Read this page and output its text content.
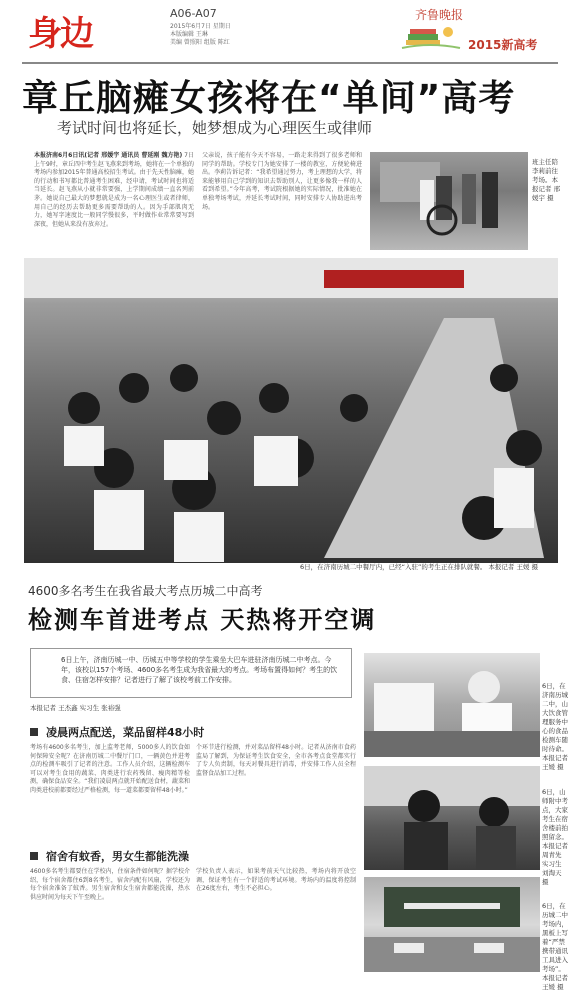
身边
A06-A07
2015年6月7日 星期日
本版编辑 王琳
美编 曾照阳 组版 陈红
齐鲁晚报
2015新高考
章丘脑瘫女孩将在“单间”高考
考试时间也将延长，她梦想成为心理医生或律师
本报济南6月6日讯(记者 邢媛宇 通讯员 曹延刚 魏方艳) 7日上午9时，章丘四中考生赵飞燕来到考场，她将在一个单独的考场内参加2015年普通高校招生考试。由于先天性脑瘫，她的行动和书写都比普通考生困难，经申请，考试时间也将适当延长。赵飞燕从小就非常要强，上学期间成绩一直名列前茅。她说自己最大的梦想就是成为一名心理医生或者律师，用自己的经历去帮助更多需要帮助的人。因为手部肌肉无力，她写字速度比一般同学慢很多，平时做作业常常要写到深夜，但她从来没有放弃过。
父亲说，孩子能有今天不容易，一路走来得到了很多老师和同学的帮助。学校专门为她安排了一楼的教室，方便轮椅进出。李莉告诉记者：“我希望通过努力，考上理想的大学，将来能够用自己学到的知识去帮助别人，让更多像我一样的人看到希望。”今年高考，考试院根据她的实际情况，批准她在单独考场考试，并延长考试时间，同时安排专人协助进出考场。
班主任陪李莉前往考场。本报记者 邢媛宇 摄
6日，在济南历城二中餐厅内，已经“入驻”的考生正在排队就餐。 本报记者 王媛 摄
4600多名考生在我省最大考点历城二中高考
检测车首进考点 天热将开空调
6日上午，济南历城一中、历城五中等学校的学生乘坐大巴车进驻济南历城二中考点。今年，该校以157个考场、4600多名考生成为我省最大的考点。考场布置得如何？考生的饮食、住宿怎样安排？记者进行了解了该校考前工作安排。
本报记者 王杰鑫 实习生 张裕强
凌晨两点配送，菜品留样48小时
考场有4600多名考生，加上监考老师，5000多人的饮食如何保障安全呢？在济南历城二中餐厅门口，一辆黄色并进考点的检测车吸引了记者的注意。工作人员介绍，这辆检测车可以对考生食用的蔬菜、肉类进行农药残留、瘦肉精等检测，确保食品安全。“我们凌晨两点就开始配送食材，蔬菜和肉类进校前都要经过严格检测，每一道菜都要留样48小时。”
个环节进行检测，并对菜品留样48小时。记者从济南市食药监局了解到，为保证考生饮食安全，全市各考点食堂都实行了专人负责制，每天对餐具进行消毒，并安排工作人员全程监督食品加工过程。
宿舍有蚊香，男女生都能洗澡
4600多名考生都要住在学校内，住宿条件如何呢？据学校介绍，每个宿舍都住6到8名考生，宿舍内配有风扇，学校还为每个宿舍准备了蚊香。男生宿舍和女生宿舍都能洗澡，热水供应时间为每天下午至晚上。
学校负责人表示，如果考前天气比较热，考场内将开放空调，保证考生有一个舒适的考试环境。考场内的温度将控制在26度左右，考生不必担心。
6日，在济南历城二中，山大饮食管理服务中心的食品检测车随时待命。本报记者 王媛 摄
6日，山师附中考点，大家考生在宿舍楼前拍照留念。本报记者 周青先 实习生 刘淘天 摄
6日，在历城二中考场内，黑板上写着“严禁携带通讯工具进入考场”。本报记者 王媛 摄
